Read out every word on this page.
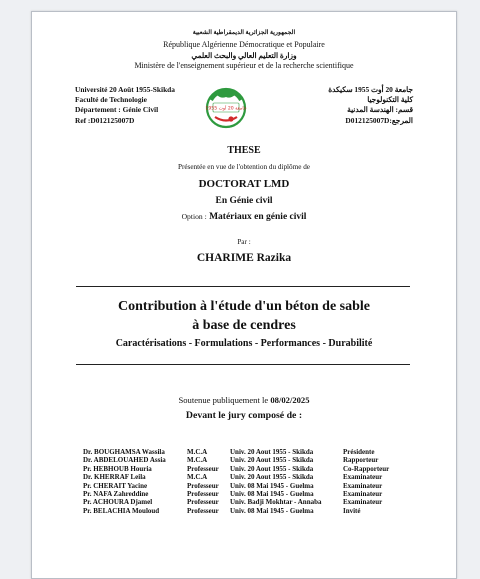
الجمهورية الجزائرية الديمقراطية الشعبية
République Algérienne Démocratique et Populaire
وزارة التعليم العالي والبحث العلمي
Ministère de l'enseignement supérieur et de la recherche scientifique
Université 20 Août 1955-Skikda
Faculté de Technologie
Département : Génie Civil
Ref :D012125007D
جامعة 20 أوت 1955
جامعة 20 أوت 1955 سكيكدة
كلية التكنولوجيا
قسم: الهندسة المدنية
D012125007D:المرجع
THESE
Présentée en vue de l'obtention du diplôme de
DOCTORAT LMD
En Génie civil
Option : Matériaux en génie civil
Par :
CHARIME Razika
Contribution à l'étude d'un béton de sable
à base de cendres
Caractérisations - Formulations - Performances - Durabilité
Soutenue publiquement le 08/02/2025
Devant le jury composé de :
Dr. BOUGHAMSA Wassila	M.C.A	Univ. 20 Aout 1955 - Skikda	Présidente
Dr. ABDELOUAHED Assia	M.C.A	Univ. 20 Aout 1955 - Skikda	Rapporteur
Pr. HEBHOUB Houria	Professeur	Univ. 20 Aout 1955 - Skikda	Co-Rapporteur
Dr. KHERRAF Leila	M.C.A	Univ. 20 Aout 1955 - Skikda	Examinateur
Pr. CHERAIT Yacine	Professeur	Univ. 08 Mai 1945 - Guelma	Examinateur
Pr. NAFA Zahreddine	Professeur	Univ. 08 Mai 1945 - Guelma	Examinateur
Pr. ACHOURA Djamel	Professeur	Univ. Badji Mokhtar - Annaba	Examinateur
Pr. BELACHIA Mouloud	Professeur	Univ. 08 Mai 1945 - Guelma	Invité
